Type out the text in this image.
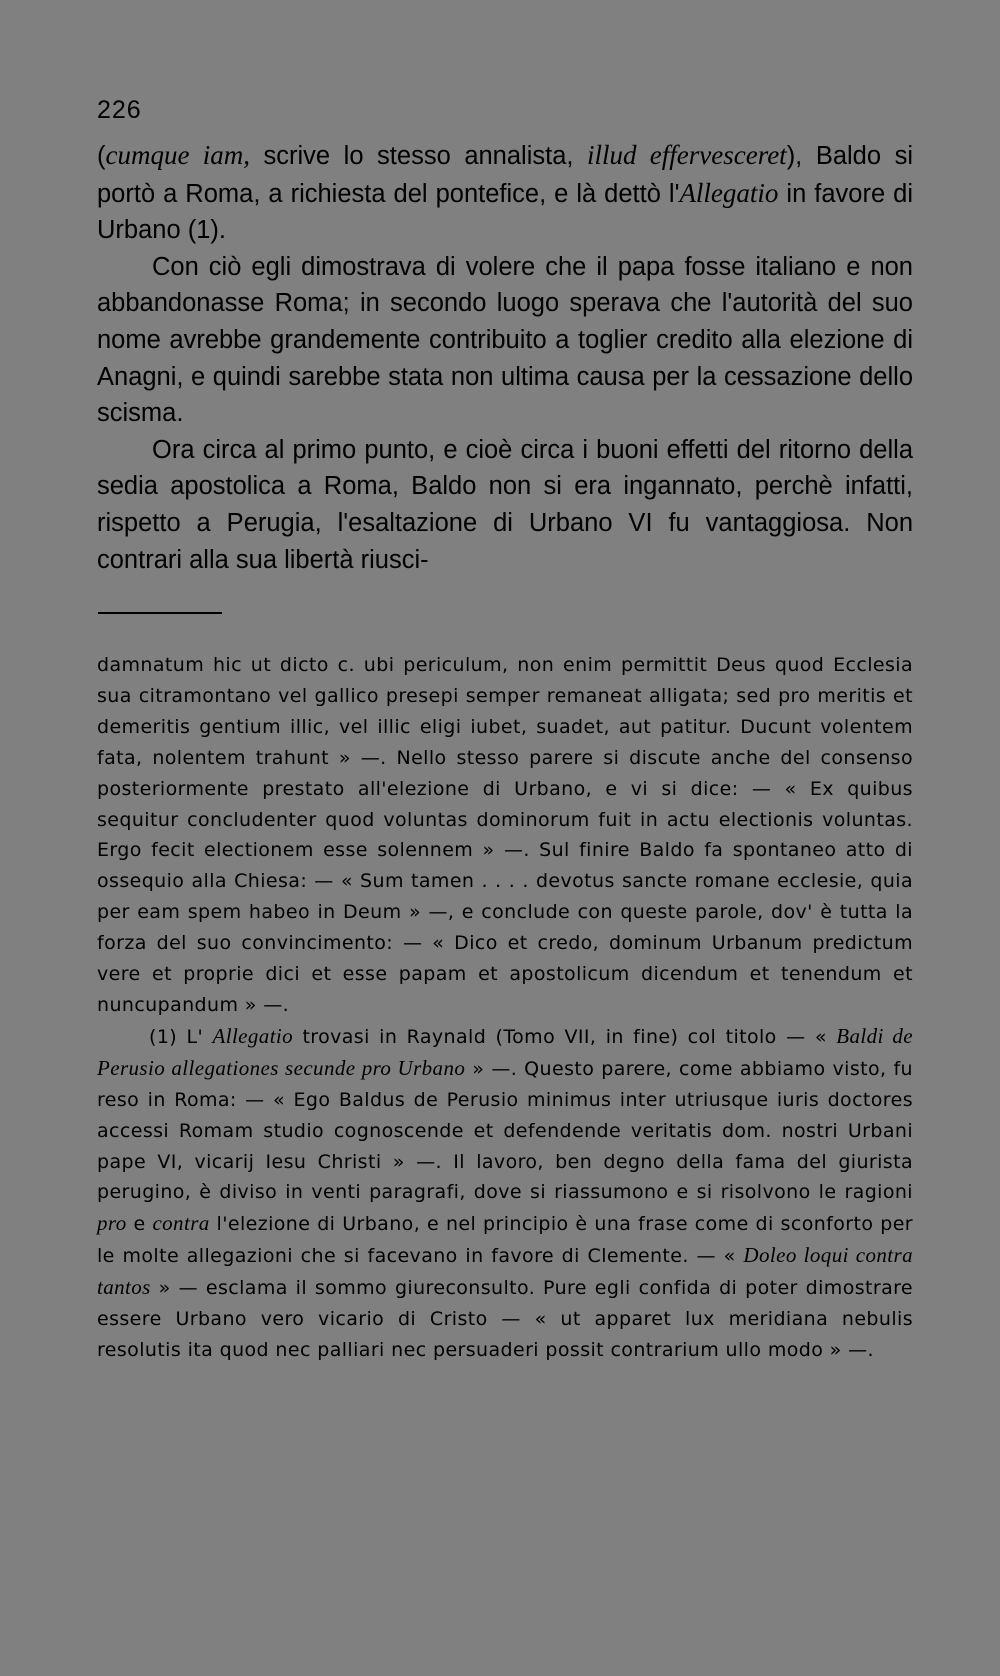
226

(cumque iam, scrive lo stesso annalista, illud effervesceret), Baldo si portò a Roma, a richiesta del pontefice, e là dettò l'Allegatio in favore di Urbano (1).

Con ciò egli dimostrava di volere che il papa fosse italiano e non abbandonasse Roma; in secondo luogo sperava che l'autorità del suo nome avrebbe grandemente contribuito a toglier credito alla elezione di Anagni, e quindi sarebbe stata non ultima causa per la cessazione dello scisma.

Ora circa al primo punto, e cioè circa i buoni effetti del ritorno della sedia apostolica a Roma, Baldo non si era ingannato, perchè infatti, rispetto a Perugia, l'esaltazione di Urbano VI fu vantaggiosa. Non contrari alla sua libertà riusci-

damnatum hic ut dicto c. ubi periculum, non enim permittit Deus quod Ecclesia sua citramontano vel gallico presepi semper remaneat alligata; sed pro meritis et demeritis gentium illic, vel illic eligi iubet, suadet, aut patitur. Ducunt volentem fata, nolentem trahunt » —. Nello stesso parere si discute anche del consenso posteriormente prestato all'elezione di Urbano, e vi si dice: — « Ex quibus sequitur concludenter quod voluntas dominorum fuit in actu electionis voluntas. Ergo fecit electionem esse solennem » —. Sul finire Baldo fa spontaneo atto di ossequio alla Chiesa: — « Sum tamen . . . . devotus sancte romane ecclesie, quia per eam spem habeo in Deum » —, e conclude con queste parole, dov' è tutta la forza del suo convincimento: — « Dico et credo, dominum Urbanum predictum vere et proprie dici et esse papam et apostolicum dicendum et tenendum et nuncupandum » —.

(1) L' Allegatio trovasi in Raynald (Tomo VII, in fine) col titolo — « Baldi de Perusio allegationes secunde pro Urbano » —. Questo parere, come abbiamo visto, fu reso in Roma: — « Ego Baldus de Perusio minimus inter utriusque iuris doctores accessi Romam studio cognoscende et defendende veritatis dom. nostri Urbani pape VI, vicarij Iesu Christi » —. Il lavoro, ben degno della fama del giurista perugino, è diviso in venti paragrafi, dove si riassumono e si risolvono le ragioni pro e contra l'elezione di Urbano, e nel principio è una frase come di sconforto per le molte allegazioni che si facevano in favore di Clemente. — « Doleo loqui contra tantos » — esclama il sommo giureconsulto. Pure egli confida di poter dimostrare essere Urbano vero vicario di Cristo — « ut apparet lux meridiana nebulis resolutis ita quod nec palliari nec persuaderi possit contrarium ullo modo » —.
